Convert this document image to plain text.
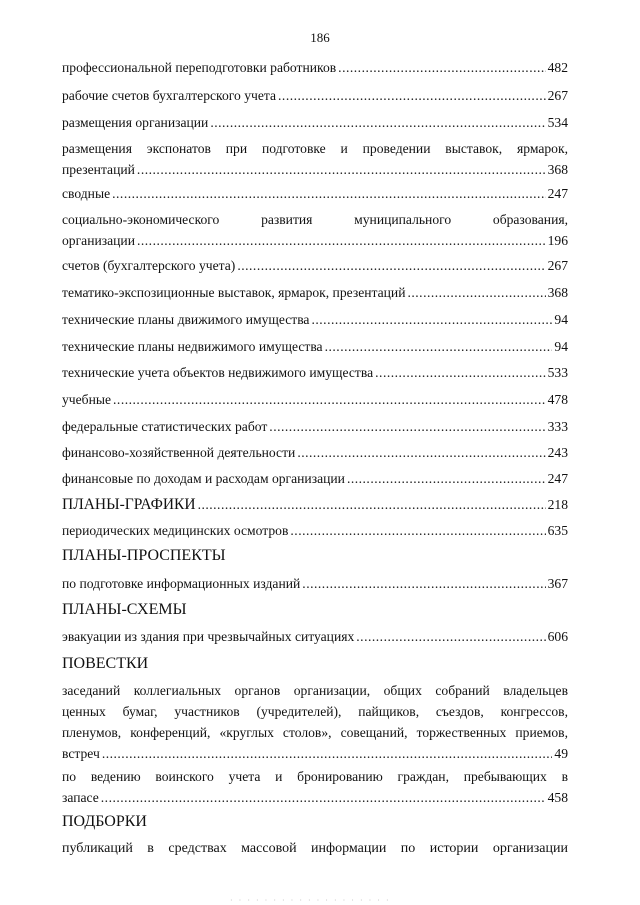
186
профессиональной переподготовки работников .....	482
рабочие счетов бухгалтерского учета .....	267
размещения организации .....	534
размещения экспонатов при подготовке и проведении выставок, ярмарок,
презентаций .....	368
сводные .....	247
социально-экономического развития муниципального образования,
организации .....	196
счетов (бухгалтерского учета) .....	267
тематико-экспозиционные выставок, ярмарок, презентаций .....	368
технические планы движимого имущества .....	94
технические планы недвижимого имущества .....	94
технические учета объектов недвижимого имущества .....	533
учебные .....	478
федеральные статистических работ .....	333
финансово-хозяйственной деятельности .....	243
финансовые по доходам и расходам организации .....	247
ПЛАНЫ-ГРАФИКИ .....	218
периодических медицинских осмотров .....	635
ПЛАНЫ-ПРОСПЕКТЫ
по подготовке информационных изданий .....	367
ПЛАНЫ-СХЕМЫ
эвакуации из здания при чрезвычайных ситуациях .....	606
ПОВЕСТКИ
заседаний коллегиальных органов организации, общих собраний владельцев
ценных бумаг, участников (учредителей), пайщиков, съездов, конгрессов,
пленумов, конференций, «круглых столов», совещаний, торжественных приемов,
встреч .....	49
по ведению воинского учета и бронированию граждан, пребывающих в
запасе .....	458
ПОДБОРКИ
публикаций в средствах массовой информации по истории организации
· · · · · · · · · · · · · · · · · · ·
